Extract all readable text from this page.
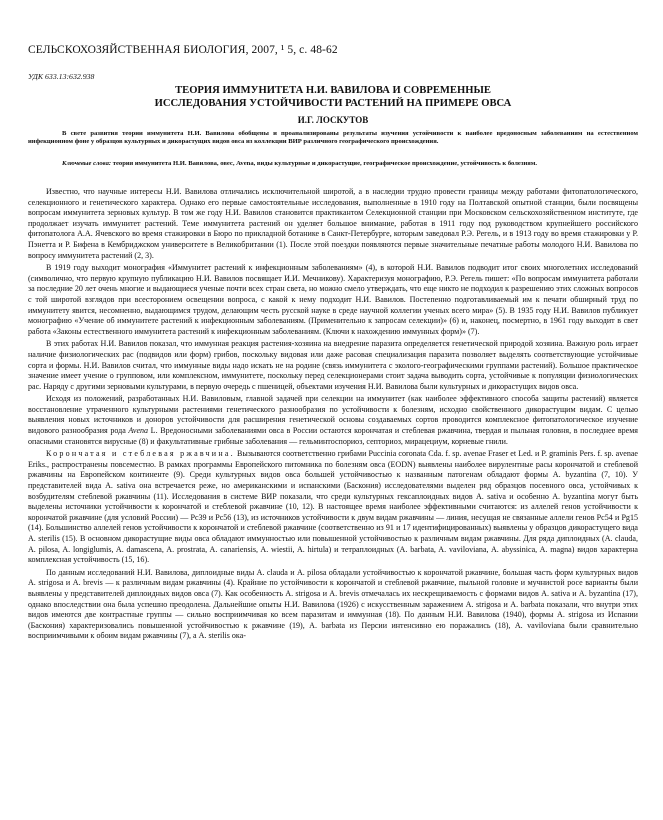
СЕЛЬСКОХОЗЯЙСТВЕННАЯ БИОЛОГИЯ, 2007, ¹ 5, с. 48-62
УДК 633.13:632.938
ТЕОРИЯ ИММУНИТЕТА Н.И. ВАВИЛОВА И СОВРЕМЕННЫЕ
ИССЛЕДОВАНИЯ УСТОЙЧИВОСТИ РАСТЕНИЙ НА ПРИМЕРЕ ОВСА
И.Г. ЛОСКУТОВ

В свете развития теории иммунитета Н.И. Вавилова обобщены и проанализированы результаты изучения устойчивости к наиболее вредоносным заболеваниям на естественном инфекционном фоне у образцов культурных и дикорастущих видов овса из коллекции ВИР различного географического происхождения.

Ключевые слова: теория иммунитета Н.И. Вавилова, овес, Avena, виды культурные и дикорастущие, географическое происхождение, устойчивость к болезням.

Известно, что научные интересы Н.И. Вавилова отличались исключительной широтой, а в наследии трудно провести границы между работами фитопатологического, селекционного и генетического характера. Однако его первые самостоятельные исследования, выполненные в 1910 году на Полтавской опытной станции, были посвящены вопросам иммунитета зерновых культур. В том же году Н.И. Вавилов становится практикантом Селекционной станции при Московском сельскохозяйственном институте, где продолжает изучать иммунитет растений. Теме иммунитета растений он уделяет большое внимание, работая в 1911 году под руководством крупнейшего российского фитопатолога А.А. Ячевского во время стажировки в Бюро по прикладной ботанике в Санкт-Петербурге, которым заведовал Р.Э. Регель, и в 1913 году во время стажировки у Р. Пэнетта и Р. Бифена в Кембриджском университете в Великобритании (1). После этой поездки появляются первые значительные печатные работы молодого Н.И. Вавилова по вопросу иммунитета растений (2, 3).

В 1919 году выходит монография «Иммунитет растений к инфекционным заболеваниям» (4), в которой Н.И. Вавилов подводит итог своих многолетних исследований (символично, что первую крупную публикацию Н.И. Вавилов посвящает И.И. Мечникову). Характеризуя монографию, Р.Э. Регель пишет: «По вопросам иммунитета работали за последние 20 лет очень многие и выдающиеся ученые почти всех стран света, но можно смело утверждать, что еще никто не подходил к разрешению этих сложных вопросов с той широтой взглядов при всесторонием освещении вопроса, с какой к нему подходит Н.И. Вавилов. Постепенно подготавливаемый им к печати обширный труд по иммунитету явится, несомненно, выдающимся трудом, делающим честь русской науке в среде научной коллегии ученых всего мира» (5). В 1935 году Н.И. Вавилов публикует монографию «Учение об иммунитете растений к инфекционным заболеваниям. (Применительно к запросам селекции)» (6) и, наконец, посмертно, в 1961 году выходит в свет работа «Законы естественного иммунитета растений к инфекционным заболеваниям. (Ключи к нахождению иммунных форм)» (7).

В этих работах Н.И. Вавилов показал, что иммунная реакция растения-хозяина на внедрение паразита определяется генетической природой хозяина. Важную роль играет наличие физиологических рас (подвидов или форм) грибов, поскольку видовая или даже расовая специализация паразита позволяет выделять соответствующие устойчивые сорта и формы. Н.И. Вавилов считал, что иммунные виды надо искать не на родине (связь иммунитета с эколого-географическими группами растений). Большое практическое значение имеет учение о групповом, или комплексном, иммунитете, поскольку перед селекционерами стоит задача выводить сорта, устойчивые к популяции физиологических рас. Наряду с другими зерновыми культурами, в первую очередь с пшеницей, объектами изучения Н.И. Вавилова были культурных и дикорастущих видов овса.

Исходя из положений, разработанных Н.И. Вавиловым, главной задачей при селекции на иммунитет (как наиболее эффективного способа защиты растений) является восстановление утраченного культурными растениями генетического разнообразия по устойчивости к болезням, исходно свойственного дикорастущим видам. С целью выявления новых источников и доноров устойчивости для расширения генетической основы создаваемых сортов проводится комплексное фитопатологическое изучение видового разнообразия рода Avena L. Вредоносными заболеваниями овса в России остаются корончатая и стеблевая ржавчина, твердая и пыльная головня, в последнее время опасными становятся вирусные (8) и факультативные грибные заболевания — гельминтоспориоз, септориоз, мирацециум, корневые гнили.

Корончатая и стеблевая ржавчина. Вызываются соответственно грибами Puccinia coronata Cda. f. sp. avenae Fraser et Led. и P. graminis Pers. f. sp. avenae Eriks., распространены повсеместно. В рамках программы Европейского питомника по болезням овса (EODN) выявлены наиболее вирулентные расы корончатой и стеблевой ржавчины на Европейском континенте (9). Среди культурных видов овса большей устойчивостью к названным патогенам обладают формы A. byzantina (7, 10). У представителей вида A. sativa она встречается реже, но американскими и испанскими (Баскония) исследователями выделен ряд образцов посевного овса, устойчивых к возбудителям стеблевой ржавчины (11). Исследования в системе ВИР показали, что среди культурных гексаплоидных видов A. sativa и особенно A. byzantina могут быть выделены источники устойчивости к корончатой и стеблевой ржавчине (10, 12). В настоящее время наиболее эффективными считаются: из аллелей генов устойчивости к корончатой ржавчине (для условий России) — Pc39 и Pc56 (13), из источников устойчивости к двум видам ржавчины — линия, несущая не связанные аллели генов Pc54 и Pg15 (14). Большинство аллелей генов устойчивости к корончатой и стеблевой ржавчине (соответственно из 91 и 17 идентифицированных) выявлены у образцов дикорастущего вида A. sterilis (15). В основном дикорастущие виды овса обладают иммунностью или повышенной устойчивостью к различным видам ржавчины. Для ряда диплоидных (A. clauda, A. pilosa, A. longiglumis, A. damascena, A. prostrata, A. canariensis, A. wiestii, A. hirtula) и тетраплоидных (A. barbata, A. vaviloviana, A. abyssinica, A. magna) видов характерна комплексная устойчивость (15, 16).

По данным исследований Н.И. Вавилова, диплоидные виды A. clauda и A. pilosa обладали устойчивостью к корончатой ржавчине, большая часть форм культурных видов A. strigosa и A. brevis — к различным видам ржавчины (4). Крайние по устойчивости к корончатой и стеблевой ржавчине, пыльной головне и мучнистой росе варианты были выявлены у представителей диплоидных видов овса (7). Как особенность A. strigosa и A. brevis отмечалась их нескрещиваемость с формами видов A. sativa и A. byzantina (17), однако впоследствии она была успешно преодолена. Дальнейшие опыты Н.И. Вавилова (1926) с искусственным заражением A. strigosa и A. barbata показали, что внутри этих видов имеются две контрастные группы — сильно восприимчивая ко всем паразитам и иммунная (18). По данным Н.И. Вавилова (1940), формы A. strigosa из Испании (Баскония) характеризовались повышенной устойчивостью к ржавчине (19), A. barbata из Персии интенсивно ею поражались (18), A. vaviloviana были сравнительно восприимчивыми к обоим видам ржавчины (7), а A. sterilis ока-
